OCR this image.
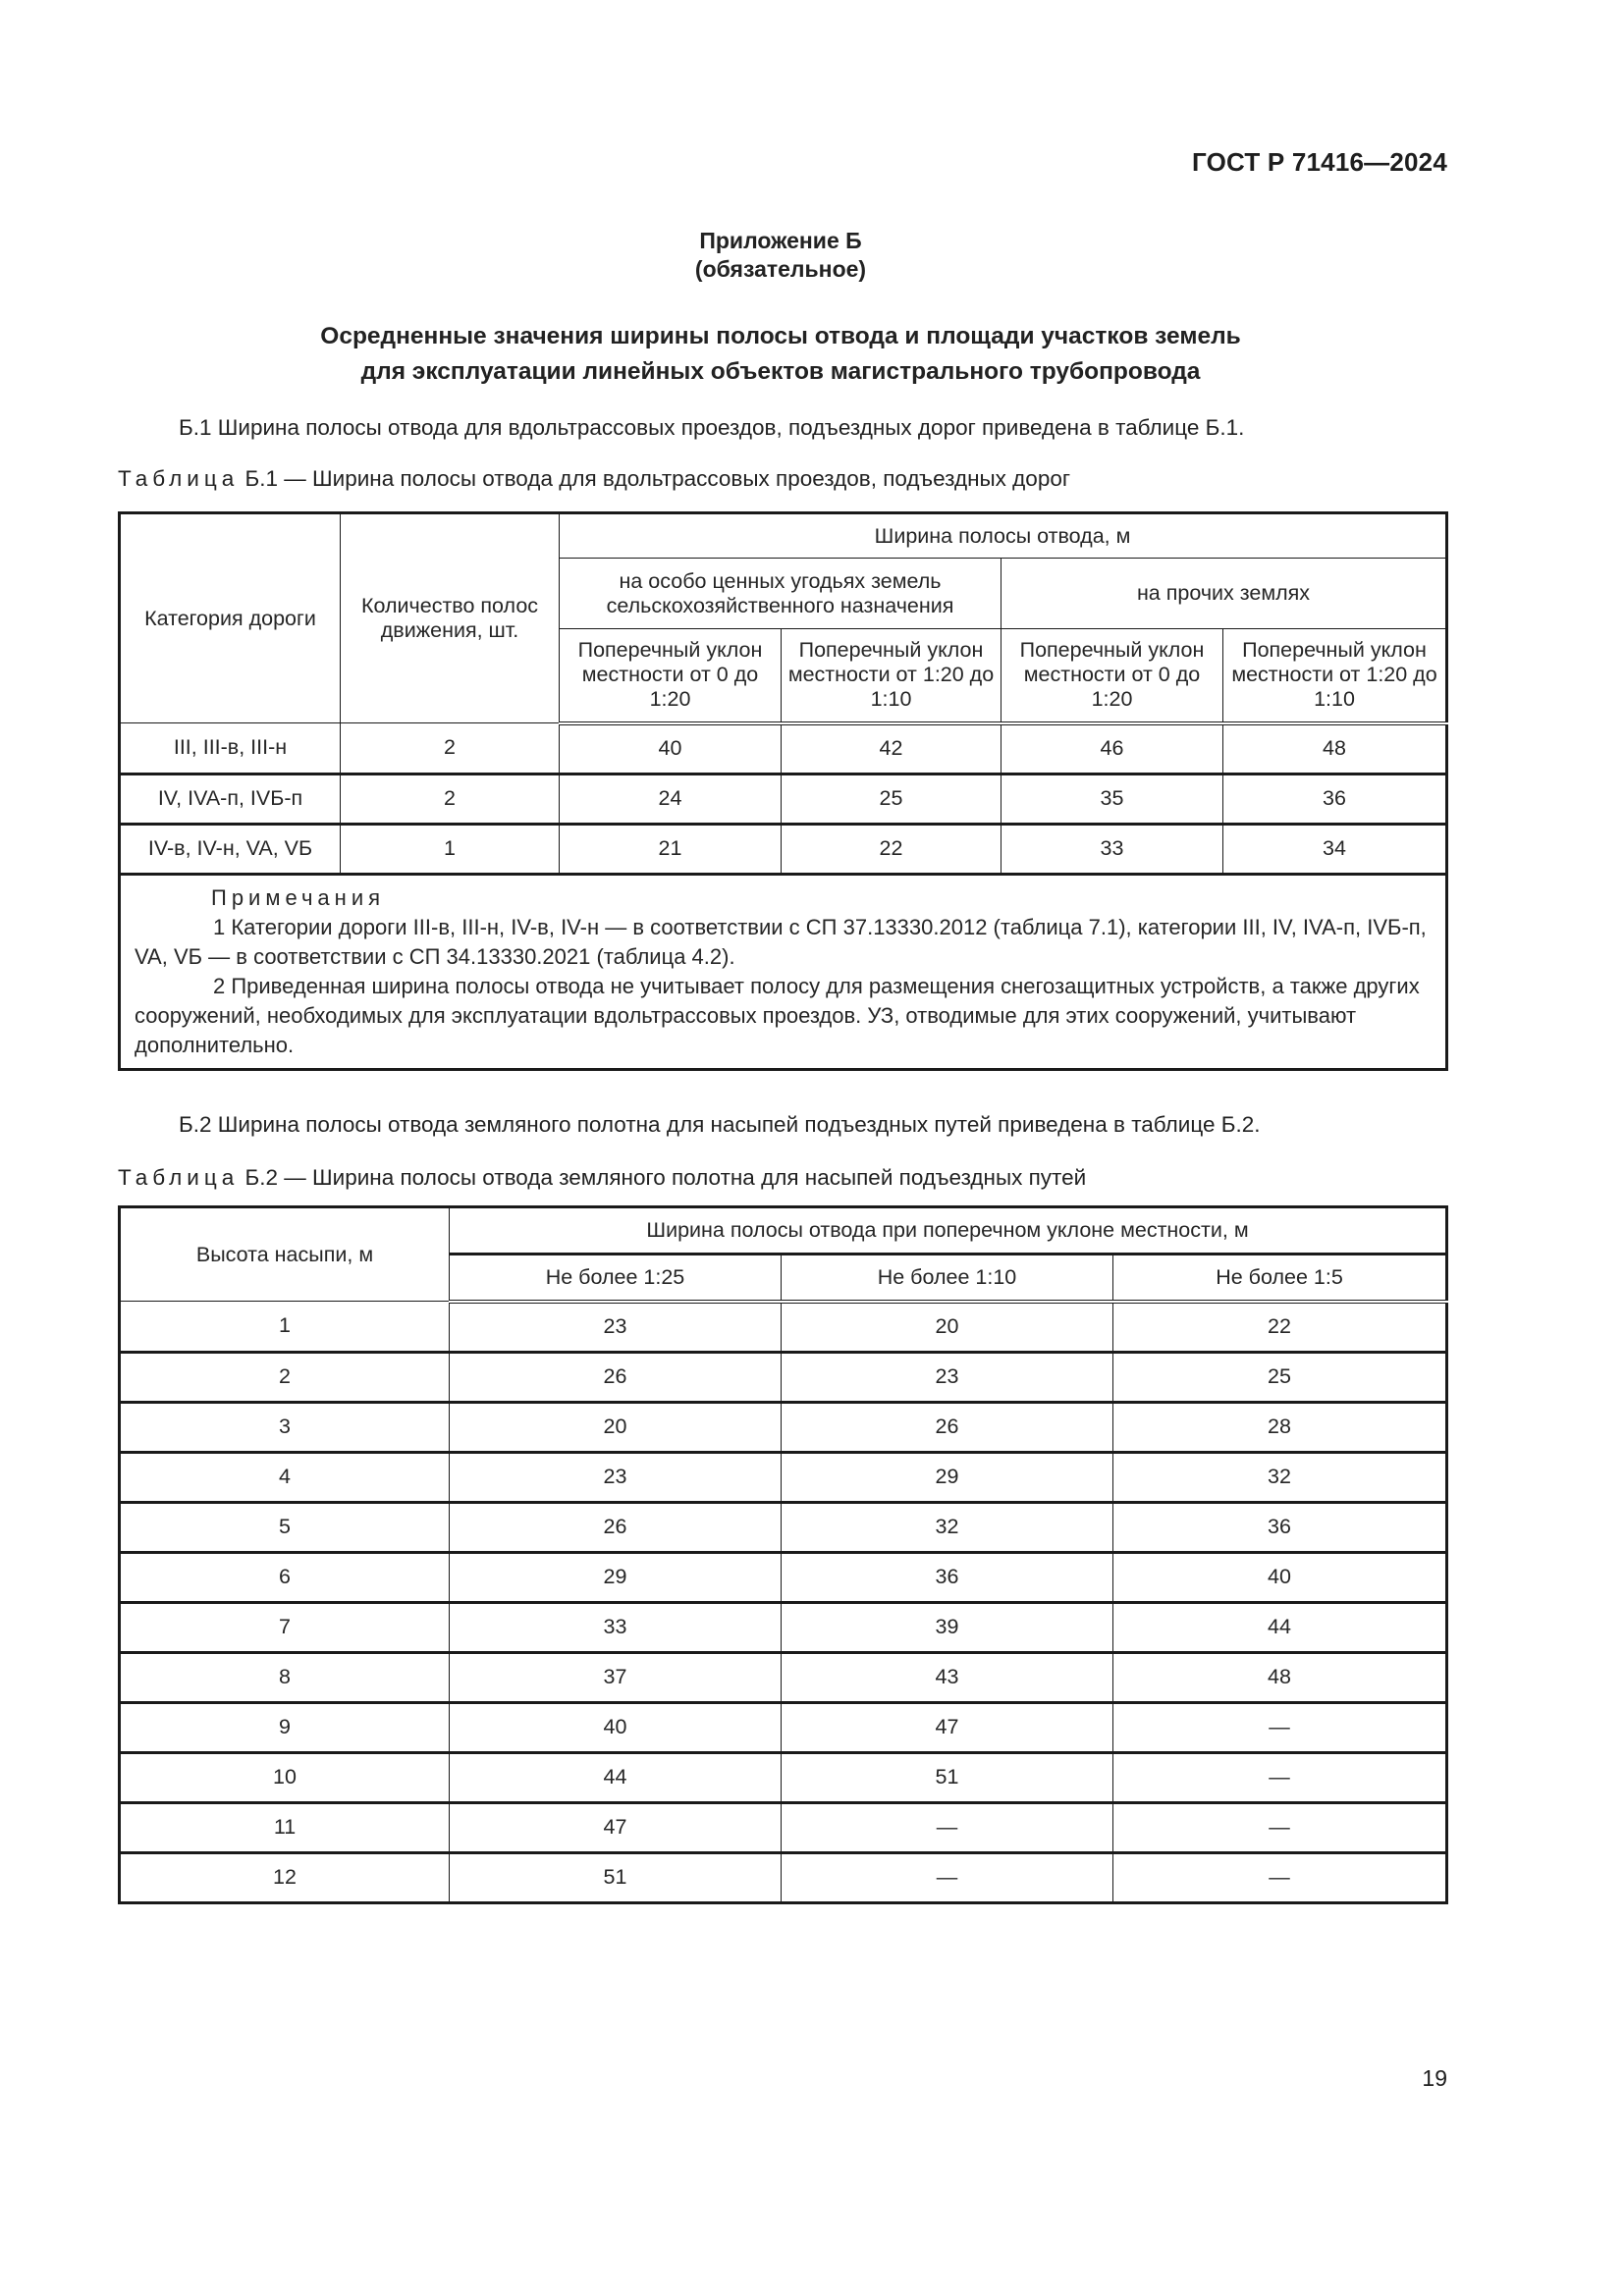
ГОСТ Р 71416—2024
Приложение Б
(обязательное)
Осредненные значения ширины полосы отвода и площади участков земель
для эксплуатации линейных объектов магистрального трубопровода
Б.1 Ширина полосы отвода для вдольтрассовых проездов, подъездных дорог приведена в таблице Б.1.
Таблица Б.1 — Ширина полосы отвода для вдольтрассовых проездов, подъездных дорог
Категория дороги	Количество полос движения, шт.	Ширина полосы отвода, м			
		на особо ценных угодьях земель сельскохозяйственного назначения		на прочих землях	
		Поперечный уклон местности от 0 до 1:20	Поперечный уклон местности от 1:20 до 1:10	Поперечный уклон местности от 0 до 1:20	Поперечный уклон местности от 1:20 до 1:10
III, III-в, III-н	2	40	42	46	48
IV, IVA-п, IVБ-п	2	24	25	35	36
IV-в, IV-н, VA, VБ	1	21	22	33	34

Примечания
1 Категории дороги III-в, III-н, IV-в, IV-н — в соответствии с СП 37.13330.2012 (таблица 7.1), категории III, IV, IVA-п, IVБ-п, VA, VБ — в соответствии с СП 34.13330.2021 (таблица 4.2).
2 Приведенная ширина полосы отвода не учитывает полосу для размещения снегозащитных устройств, а также других сооружений, необходимых для эксплуатации вдольтрассовых проездов. УЗ, отводимые для этих сооружений, учитывают дополнительно.					
Б.2 Ширина полосы отвода земляного полотна для насыпей подъездных путей приведена в таблице Б.2.
Таблица Б.2 — Ширина полосы отвода земляного полотна для насыпей подъездных путей
Высота насыпи, м	Ширина полосы отвода при поперечном уклоне местности, м		
	Не более 1:25	Не более 1:10	Не более 1:5
1	23	20	22
2	26	23	25
3	20	26	28
4	23	29	32
5	26	32	36
6	29	36	40
7	33	39	44
8	37	43	48
9	40	47	—
10	44	51	—
11	47	—	—
12	51	—	—
19
